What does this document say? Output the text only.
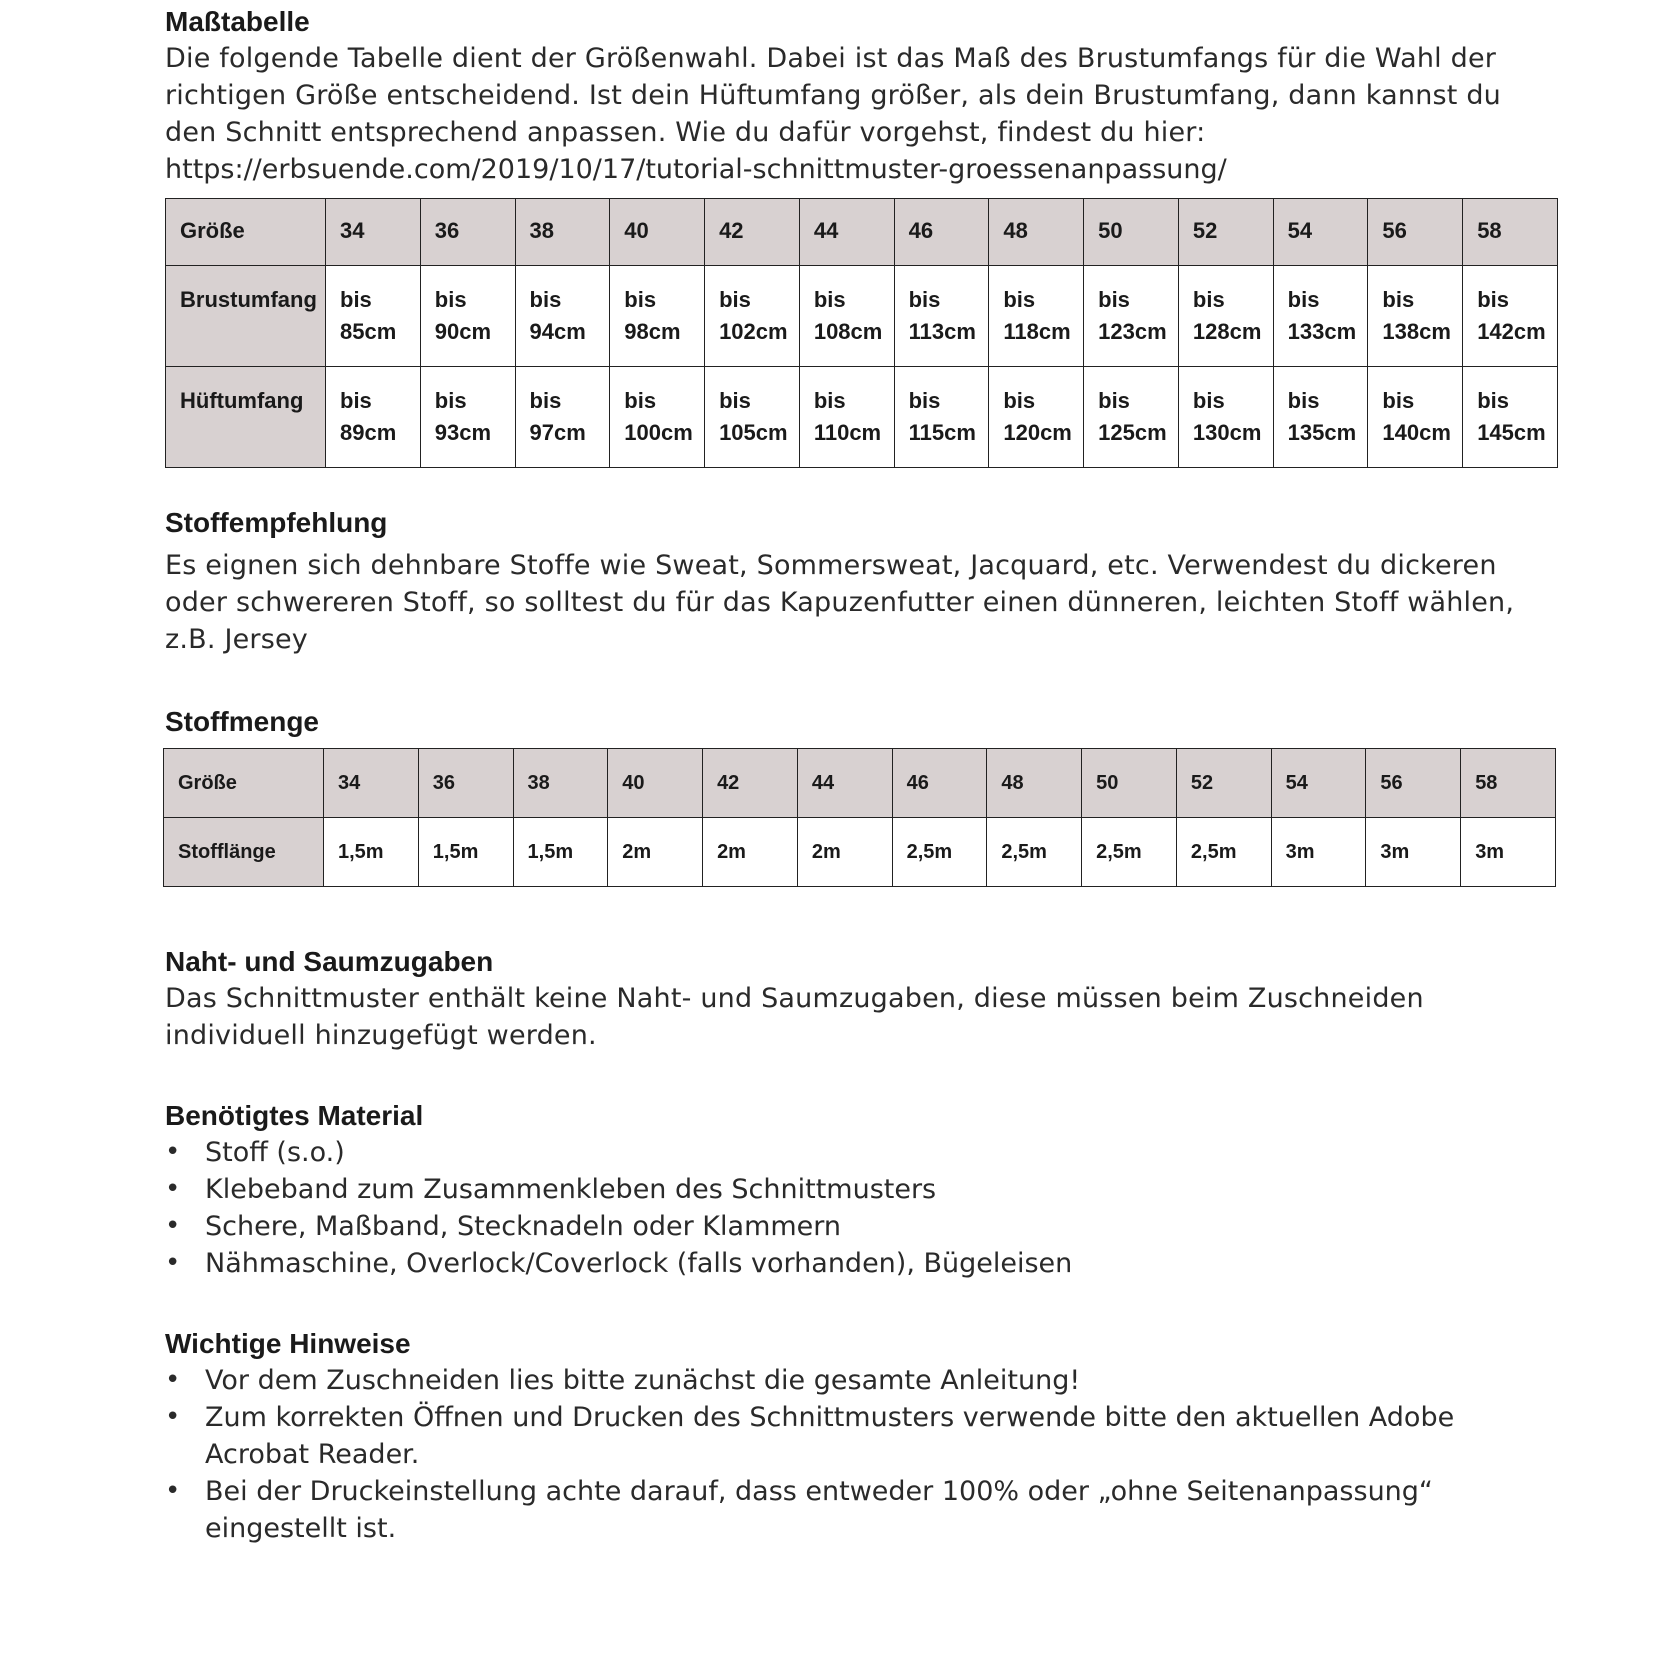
Maßtabelle

Die folgende Tabelle dient der Größenwahl. Dabei ist das Maß des Brustumfangs für die Wahl der richtigen Größe entscheidend. Ist dein Hüftumfang größer, als dein Brustumfang, dann kannst du den Schnitt entsprechend anpassen. Wie du dafür vorgehst, findest du hier:

https://erbsuende.com/2019/10/17/tutorial-schnittmuster-groessenanpassung/
Größe	34	36	38	40	42	44	46	48	50	52	54	56	58
Brustumfang	bis 85cm	bis 90cm	bis 94cm	bis 98cm	bis 102cm	bis 108cm	bis 113cm	bis 118cm	bis 123cm	bis 128cm	bis 133cm	bis 138cm	bis 142cm
Hüftumfang	bis 89cm	bis 93cm	bis 97cm	bis 100cm	bis 105cm	bis 110cm	bis 115cm	bis 120cm	bis 125cm	bis 130cm	bis 135cm	bis 140cm	bis 145cm
Stoffempfehlung

Es eignen sich dehnbare Stoffe wie Sweat, Sommersweat, Jacquard, etc. Verwendest du dickeren oder schwereren Stoff, so solltest du für das Kapuzenfutter einen dünneren, leichten Stoff wählen, z.B. Jersey

Stoffmenge
Größe	34	36	38	40	42	44	46	48	50	52	54	56	58
Stofflänge	1,5m	1,5m	1,5m	2m	2m	2m	2,5m	2,5m	2,5m	2,5m	3m	3m	3m
Naht- und Saumzugaben

Das Schnittmuster enthält keine Naht- und Saumzugaben, diese müssen beim Zuschneiden individuell hinzugefügt werden.

Benötigtes Material
• Stoff (s.o.)
• Klebeband zum Zusammenkleben des Schnittmusters
• Schere, Maßband, Stecknadeln oder Klammern
• Nähmaschine, Overlock/Coverlock (falls vorhanden), Bügeleisen
Wichtige Hinweise
• Vor dem Zuschneiden lies bitte zunächst die gesamte Anleitung!
• Zum korrekten Öffnen und Drucken des Schnittmusters verwende bitte den aktuellen Adobe Acrobat Reader.
• Bei der Druckeinstellung achte darauf, dass entweder 100% oder „ohne Seitenanpassung“ eingestellt ist.
